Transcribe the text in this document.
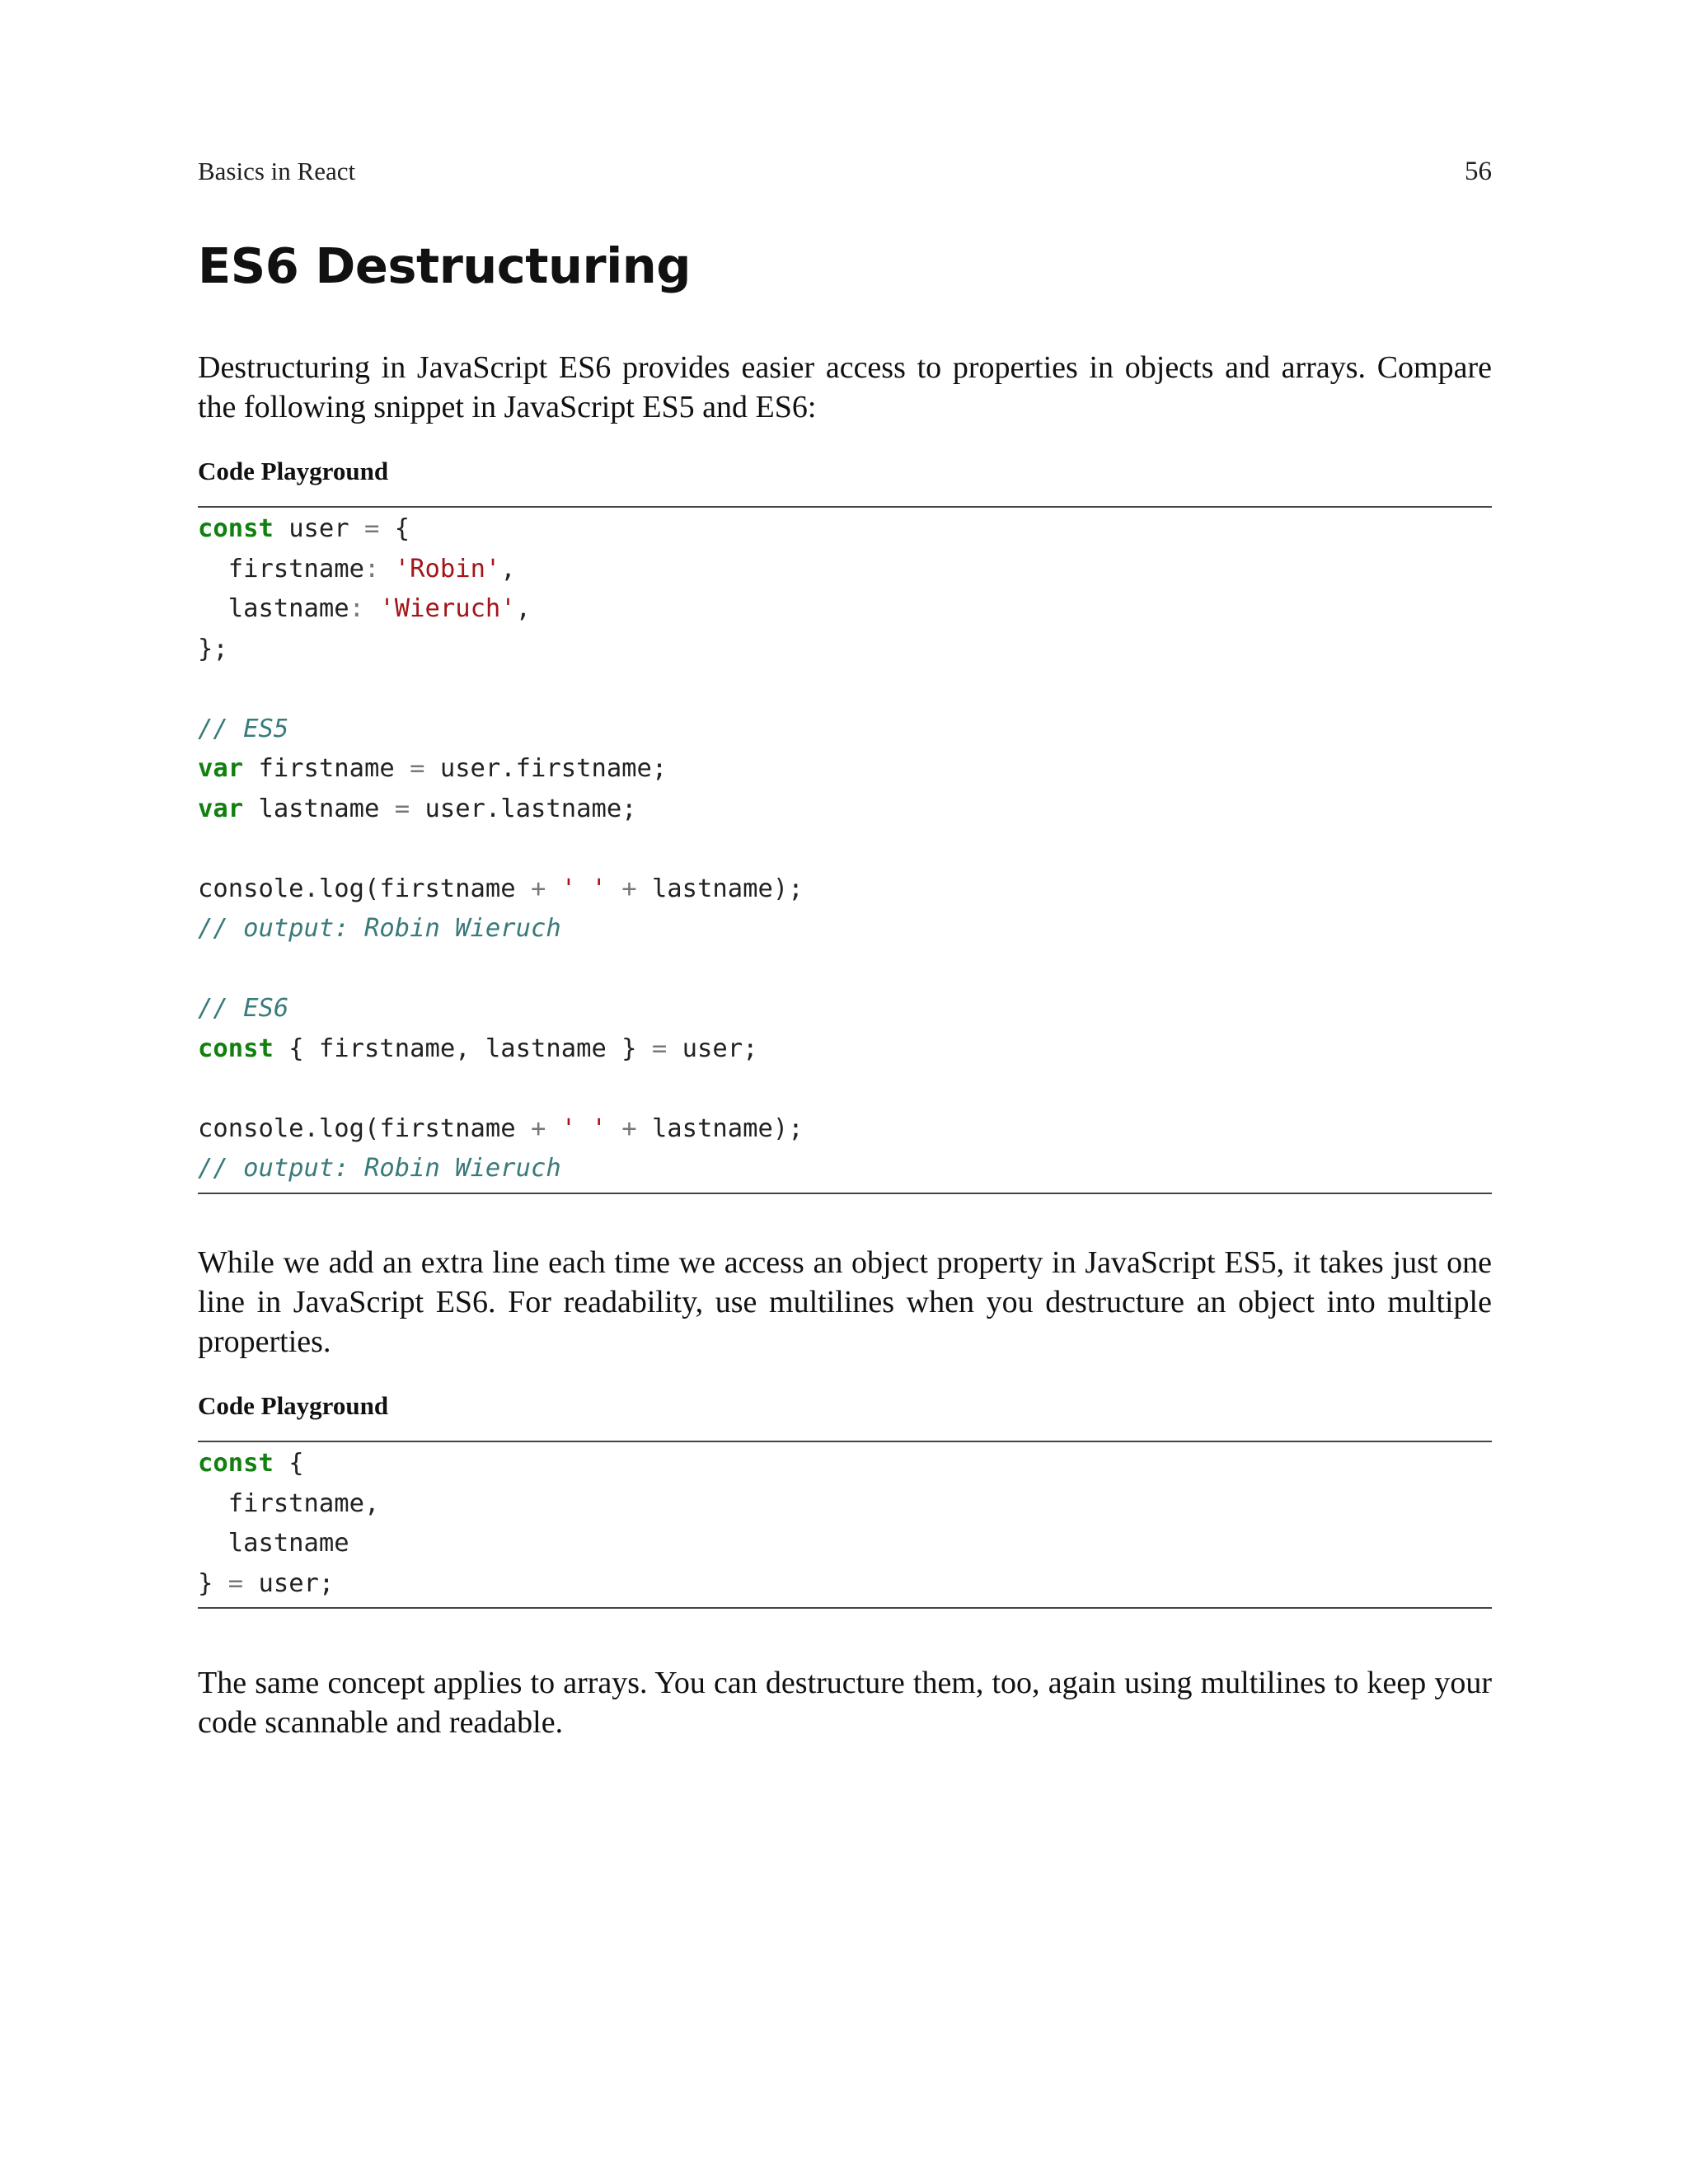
Basics in React	56
ES6 Destructuring

Destructuring in JavaScript ES6 provides easier access to properties in objects and arrays. Compare the following snippet in JavaScript ES5 and ES6:

Code Playground
const user = {
firstname: 'Robin',
lastname: 'Wieruch',
};

// ES5
var firstname = user.firstname;
var lastname = user.lastname;

console.log(firstname + ' ' + lastname);
// output: Robin Wieruch

// ES6
const { firstname, lastname } = user;

console.log(firstname + ' ' + lastname);
// output: Robin Wieruch

While we add an extra line each time we access an object property in JavaScript ES5, it takes just one line in JavaScript ES6. For readability, use multilines when you destructure an object into multiple properties.

Code Playground
const {
firstname,
lastname
} = user;

The same concept applies to arrays. You can destructure them, too, again using multilines to keep your code scannable and readable.
